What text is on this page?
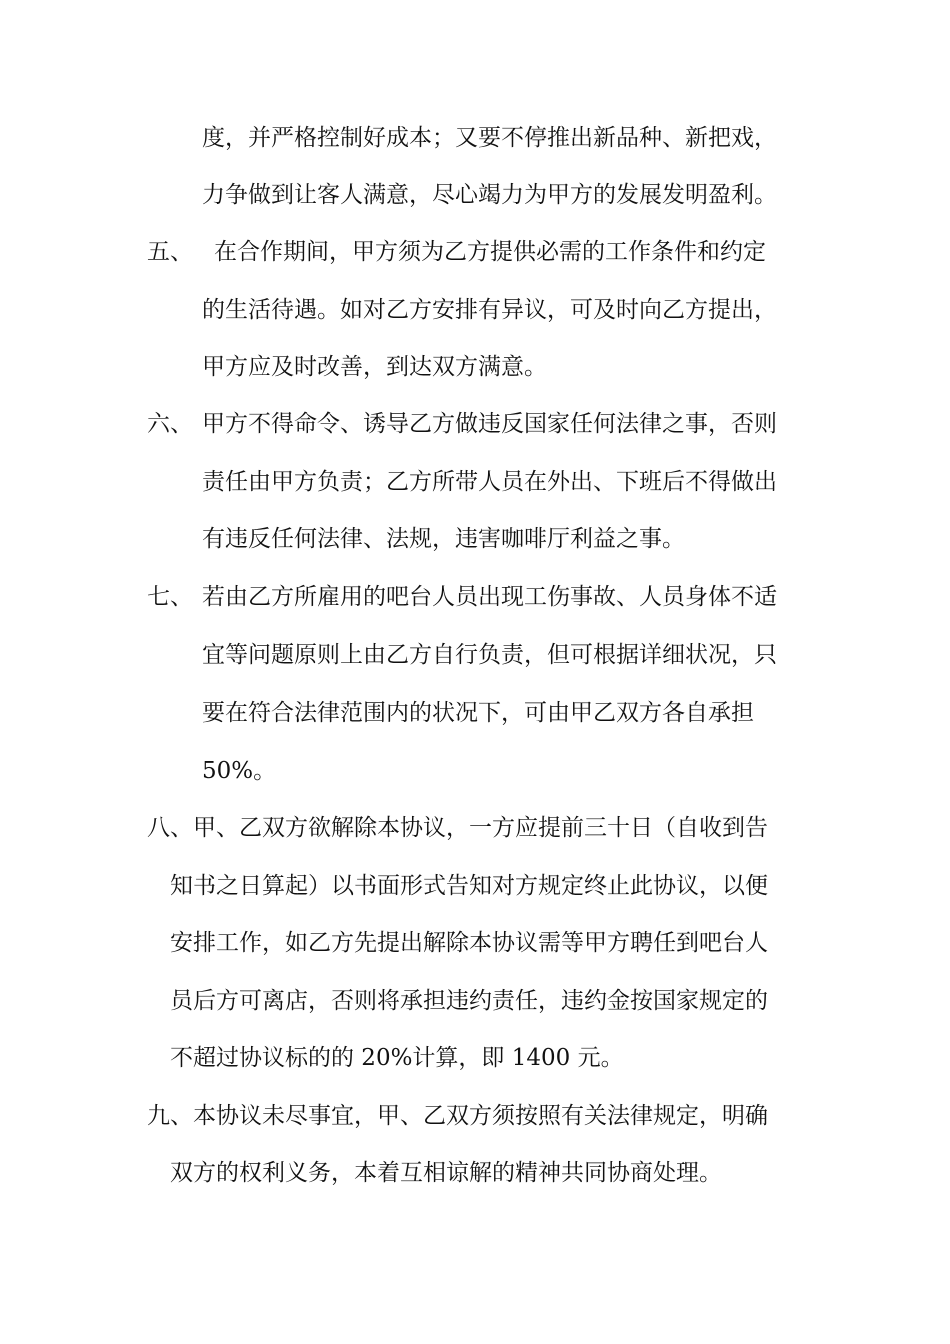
度，并严格控制好成本；又要不停推出新品种、新把戏，
力争做到让客人满意，尽心竭力为甲方的发展发明盈利。
五、 在合作期间，甲方须为乙方提供必需的工作条件和约定
的生活待遇。如对乙方安排有异议，可及时向乙方提出，
甲方应及时改善，到达双方满意。
六、 甲方不得命令、诱导乙方做违反国家任何法律之事，否则
责任由甲方负责；乙方所带人员在外出、下班后不得做出
有违反任何法律、法规，违害咖啡厅利益之事。
七、 若由乙方所雇用的吧台人员出现工伤事故、人员身体不适
宜等问题原则上由乙方自行负责，但可根据详细状况，只
要在符合法律范围内的状况下，可由甲乙双方各自承担
50%。
八、甲、乙双方欲解除本协议，一方应提前三十日（自收到告
知书之日算起）以书面形式告知对方规定终止此协议，以便
安排工作，如乙方先提出解除本协议需等甲方聘任到吧台人
员后方可离店，否则将承担违约责任，违约金按国家规定的
不超过协议标的的 20%计算，即 1400 元。
九、本协议未尽事宜，甲、乙双方须按照有关法律规定，明确
双方的权利义务，本着互相谅解的精神共同协商处理。
